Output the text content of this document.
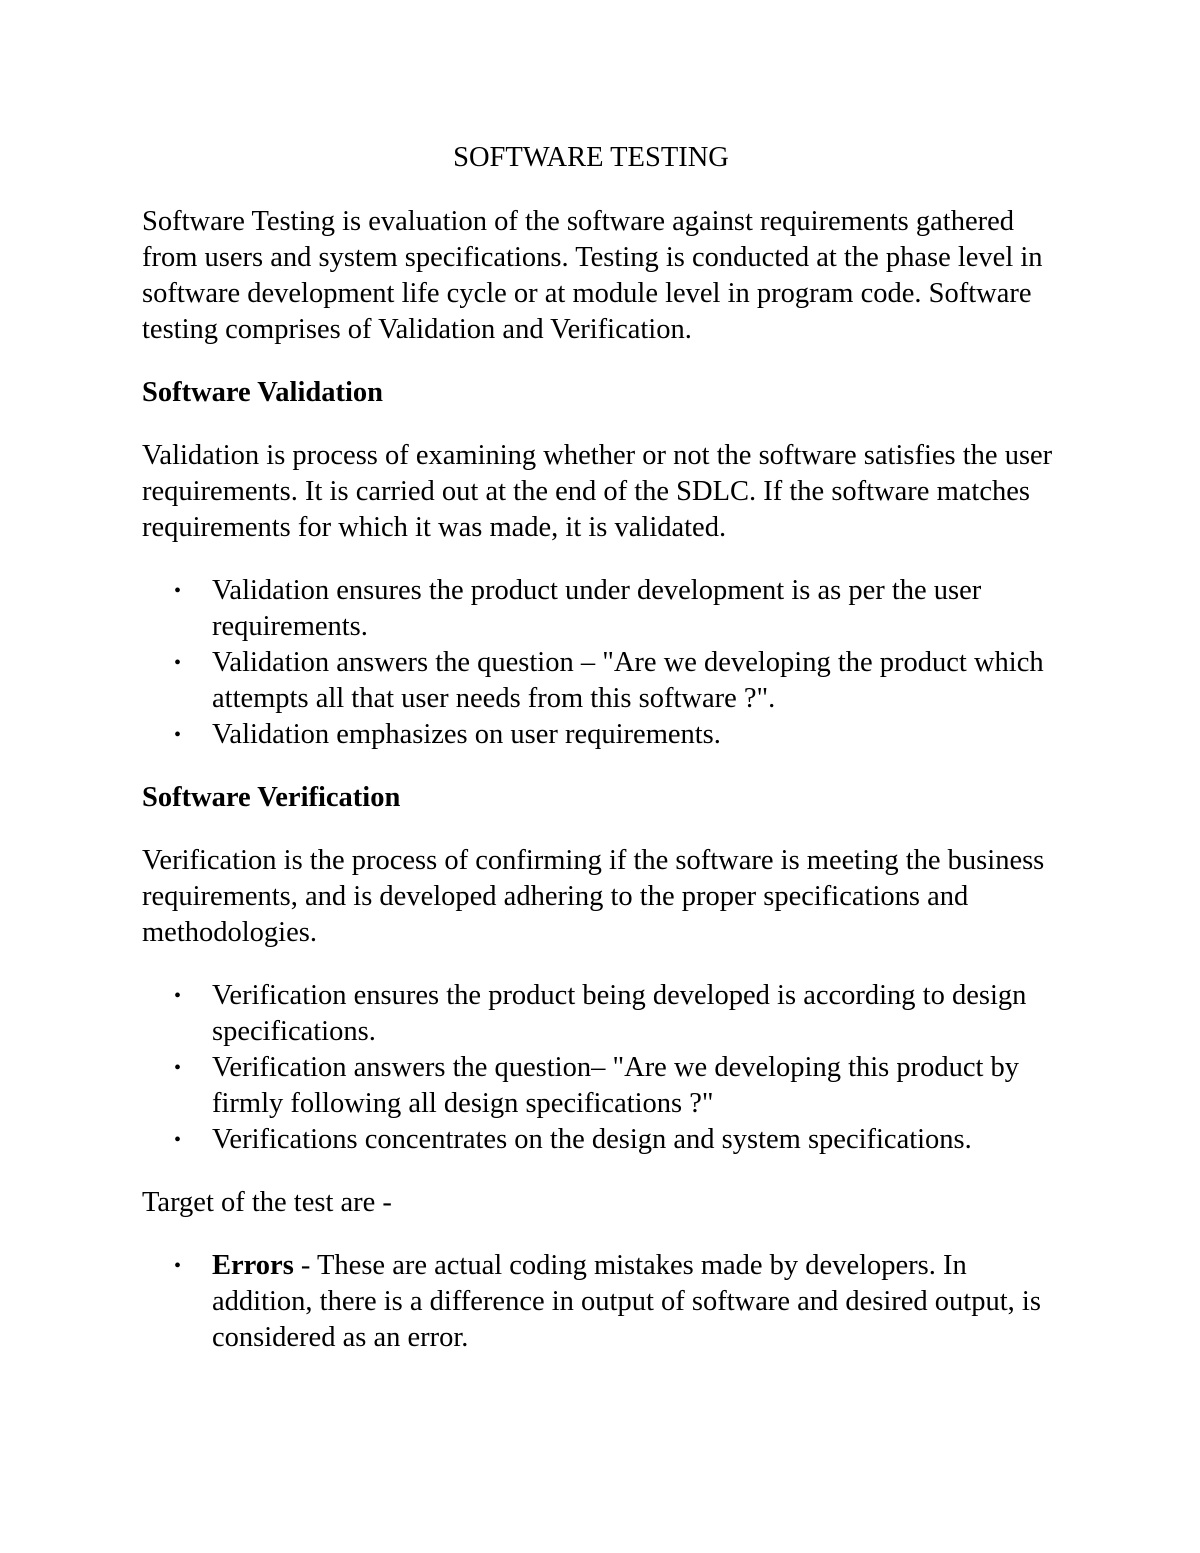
SOFTWARE TESTING

Software Testing is evaluation of the software against requirements gathered from users and system specifications. Testing is conducted at the phase level in software development life cycle or at module level in program code. Software testing comprises of Validation and Verification.

Software Validation

Validation is process of examining whether or not the software satisfies the user requirements. It is carried out at the end of the SDLC. If the software matches requirements for which it was made, it is validated.

• Validation ensures the product under development is as per the user requirements.
• Validation answers the question – "Are we developing the product which attempts all that user needs from this software ?".
• Validation emphasizes on user requirements.
Software Verification

Verification is the process of confirming if the software is meeting the business requirements, and is developed adhering to the proper specifications and methodologies.

• Verification ensures the product being developed is according to design specifications.
• Verification answers the question– "Are we developing this product by firmly following all design specifications ?"
• Verifications concentrates on the design and system specifications.

Target of the test are -

• Errors - These are actual coding mistakes made by developers. In addition, there is a difference in output of software and desired output, is considered as an error.
